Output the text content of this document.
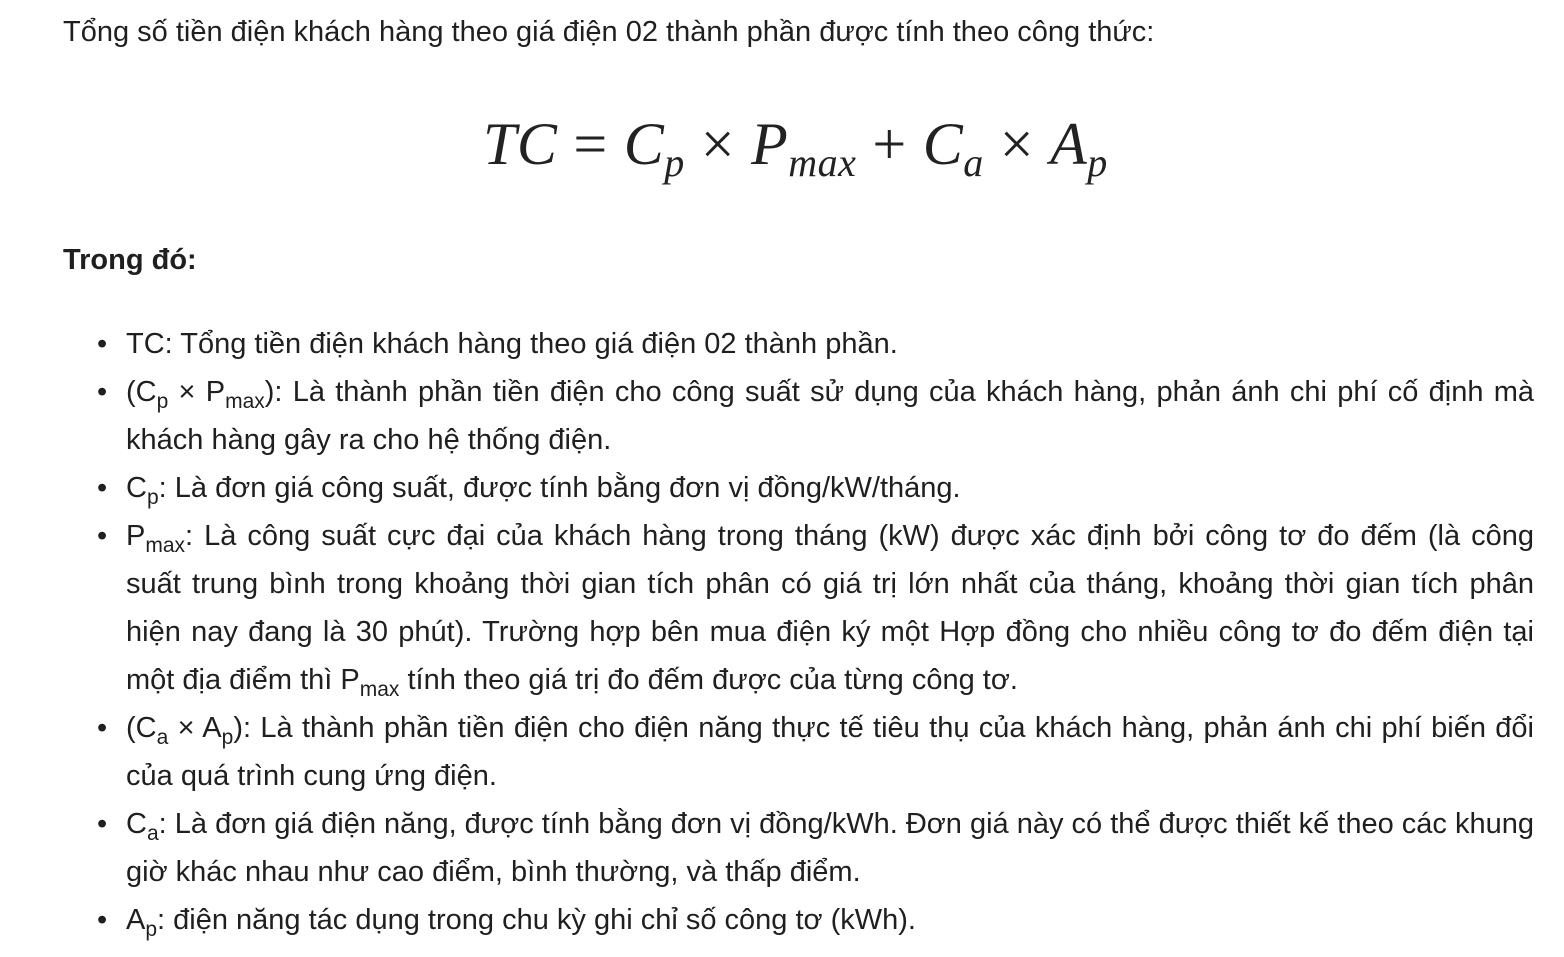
Tổng số tiền điện khách hàng theo giá điện 02 thành phần được tính theo công thức:

TC = $C_p \times P_{max} + C_a \times A_p$

Trong đó:

•
TC: Tổng tiền điện khách hàng theo giá điện 02 thành phần.
•
$(C_p \times P_{max})$: Là thành phần tiền điện cho công suất sử dụng của khách hàng, phản ánh chi phí cố định mà khách hàng gây ra cho hệ thống điện.
•
$C_p$: Là đơn giá công suất, được tính bằng đơn vị đồng/kW/tháng.
•
$P_{max}$: Là công suất cực đại của khách hàng trong tháng (kW) được xác định bởi công tơ đo đếm (là công suất trung bình trong khoảng thời gian tích phân có giá trị lớn nhất của tháng, khoảng thời gian tích phân hiện nay đang là 30 phút). Trường hợp bên mua điện ký một Hợp đồng cho nhiều công tơ đo đếm điện tại một địa điểm thì $P_{max}$ tính theo giá trị đo đếm được của từng công tơ.
•
$(C_a \times A_p)$: Là thành phần tiền điện cho điện năng thực tế tiêu thụ của khách hàng, phản ánh chi phí biến đổi của quá trình cung ứng điện.
•
$C_a$: Là đơn giá điện năng, được tính bằng đơn vị đồng/kWh. Đơn giá này có thể được thiết kế theo các khung giờ khác nhau như cao điểm, bình thường, và thấp điểm.
•
$A_p$: điện năng tác dụng trong chu kỳ ghi chỉ số công tơ (kWh).
